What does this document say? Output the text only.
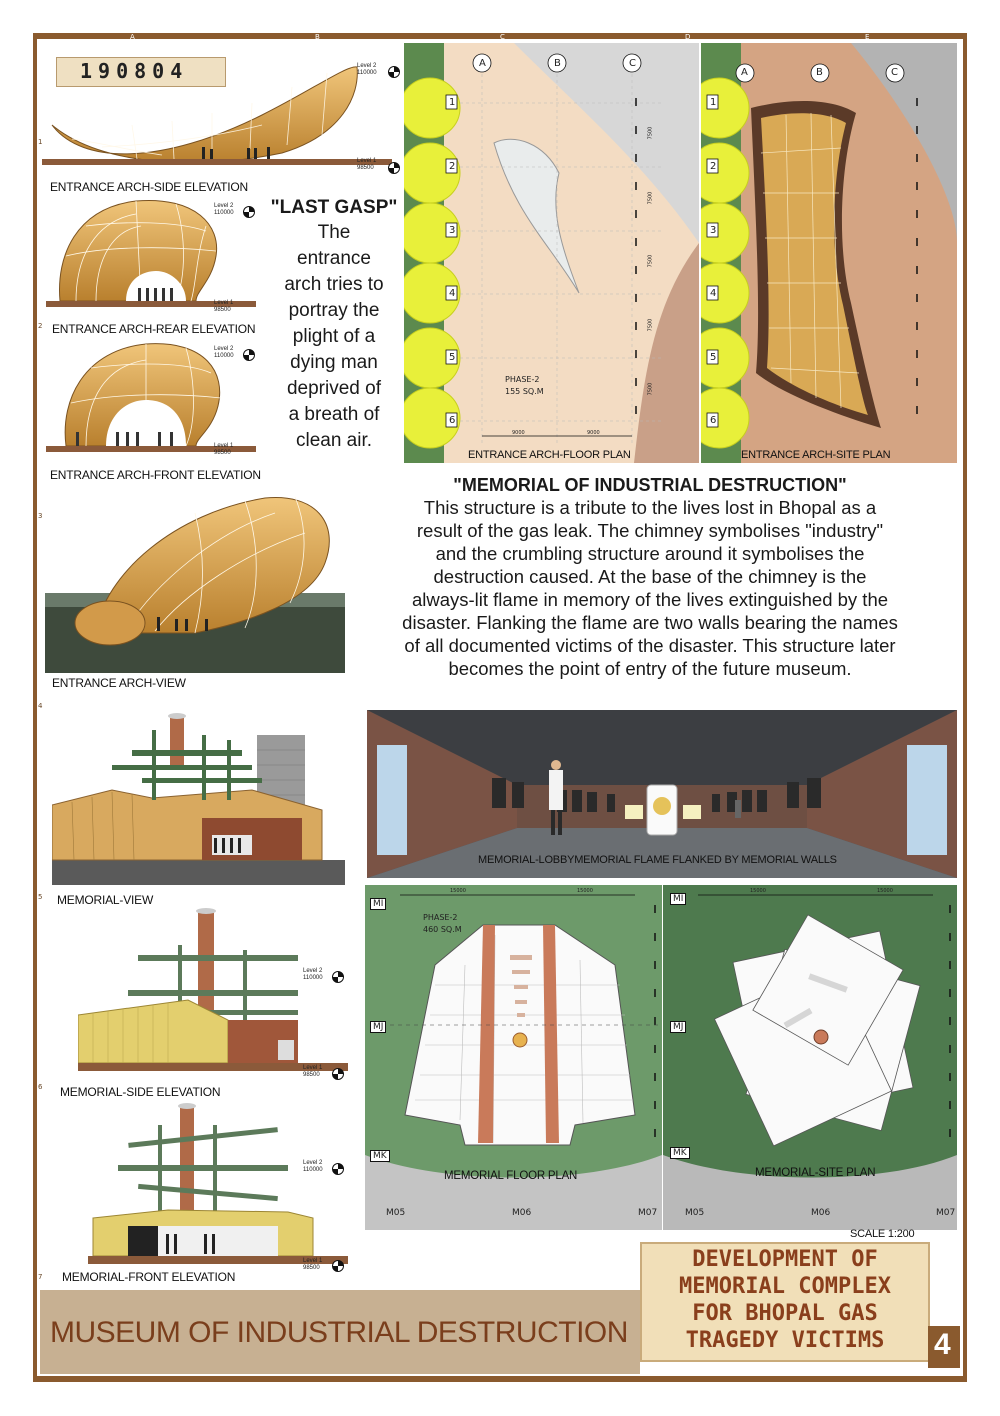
A	B	C	D	E
1
2
3
4
5
6
7
190804	Level 2
110000
Level 1
98500
ENTRANCE ARCH-SIDE ELEVATION
Level 2
110000
Level 1
98500
ENTRANCE ARCH-REAR ELEVATION
Level 2
110000
Level 1
98500
ENTRANCE ARCH-FRONT ELEVATION
"LAST GASP"
The
entrance
arch tries to
portray the
plight of a
dying man
deprived of
a breath of
clean air.
A	B	C
1
2
3
4
5
6
9000	9000
7500
7500
7500
7500
7500
PHASE-2
155 SQ.M
ENTRANCE ARCH-FLOOR PLAN
A	B	C
1
2
3
4
5
6
ENTRANCE ARCH-SITE PLAN
"MEMORIAL OF INDUSTRIAL DESTRUCTION"
This structure is a tribute to the lives lost in Bhopal as a
result of the gas leak. The chimney symbolises "industry"
and the crumbling structure around it symbolises the
destruction caused. At the base of the chimney is the
always-lit flame in memory of the lives extinguished by the
disaster. Flanking the flame are two walls bearing the names
of all documented victims of the disaster. This structure later
becomes the point of entry of the future museum.
ENTRANCE ARCH-VIEW
MEMORIAL-VIEW
Level 2
110000
Level 1
98500
MEMORIAL-SIDE ELEVATION
Level 2
110000
Level 1
98500
MEMORIAL-FRONT ELEVATION
MEMORIAL-LOBBYMEMORIAL FLAME FLANKED BY MEMORIAL WALLS
MI
MJ
MK
M05	M06	M07
15000	15000
PHASE-2
460 SQ.M
MEMORIAL FLOOR PLAN
MI
MJ
MK
M05	M06	M07
15000	15000
MEMORIAL-SITE PLAN
SCALE 1:200
MUSEUM OF INDUSTRIAL DESTRUCTION
DEVELOPMENT OF
MEMORIAL COMPLEX
FOR BHOPAL GAS
TRAGEDY VICTIMS	4
